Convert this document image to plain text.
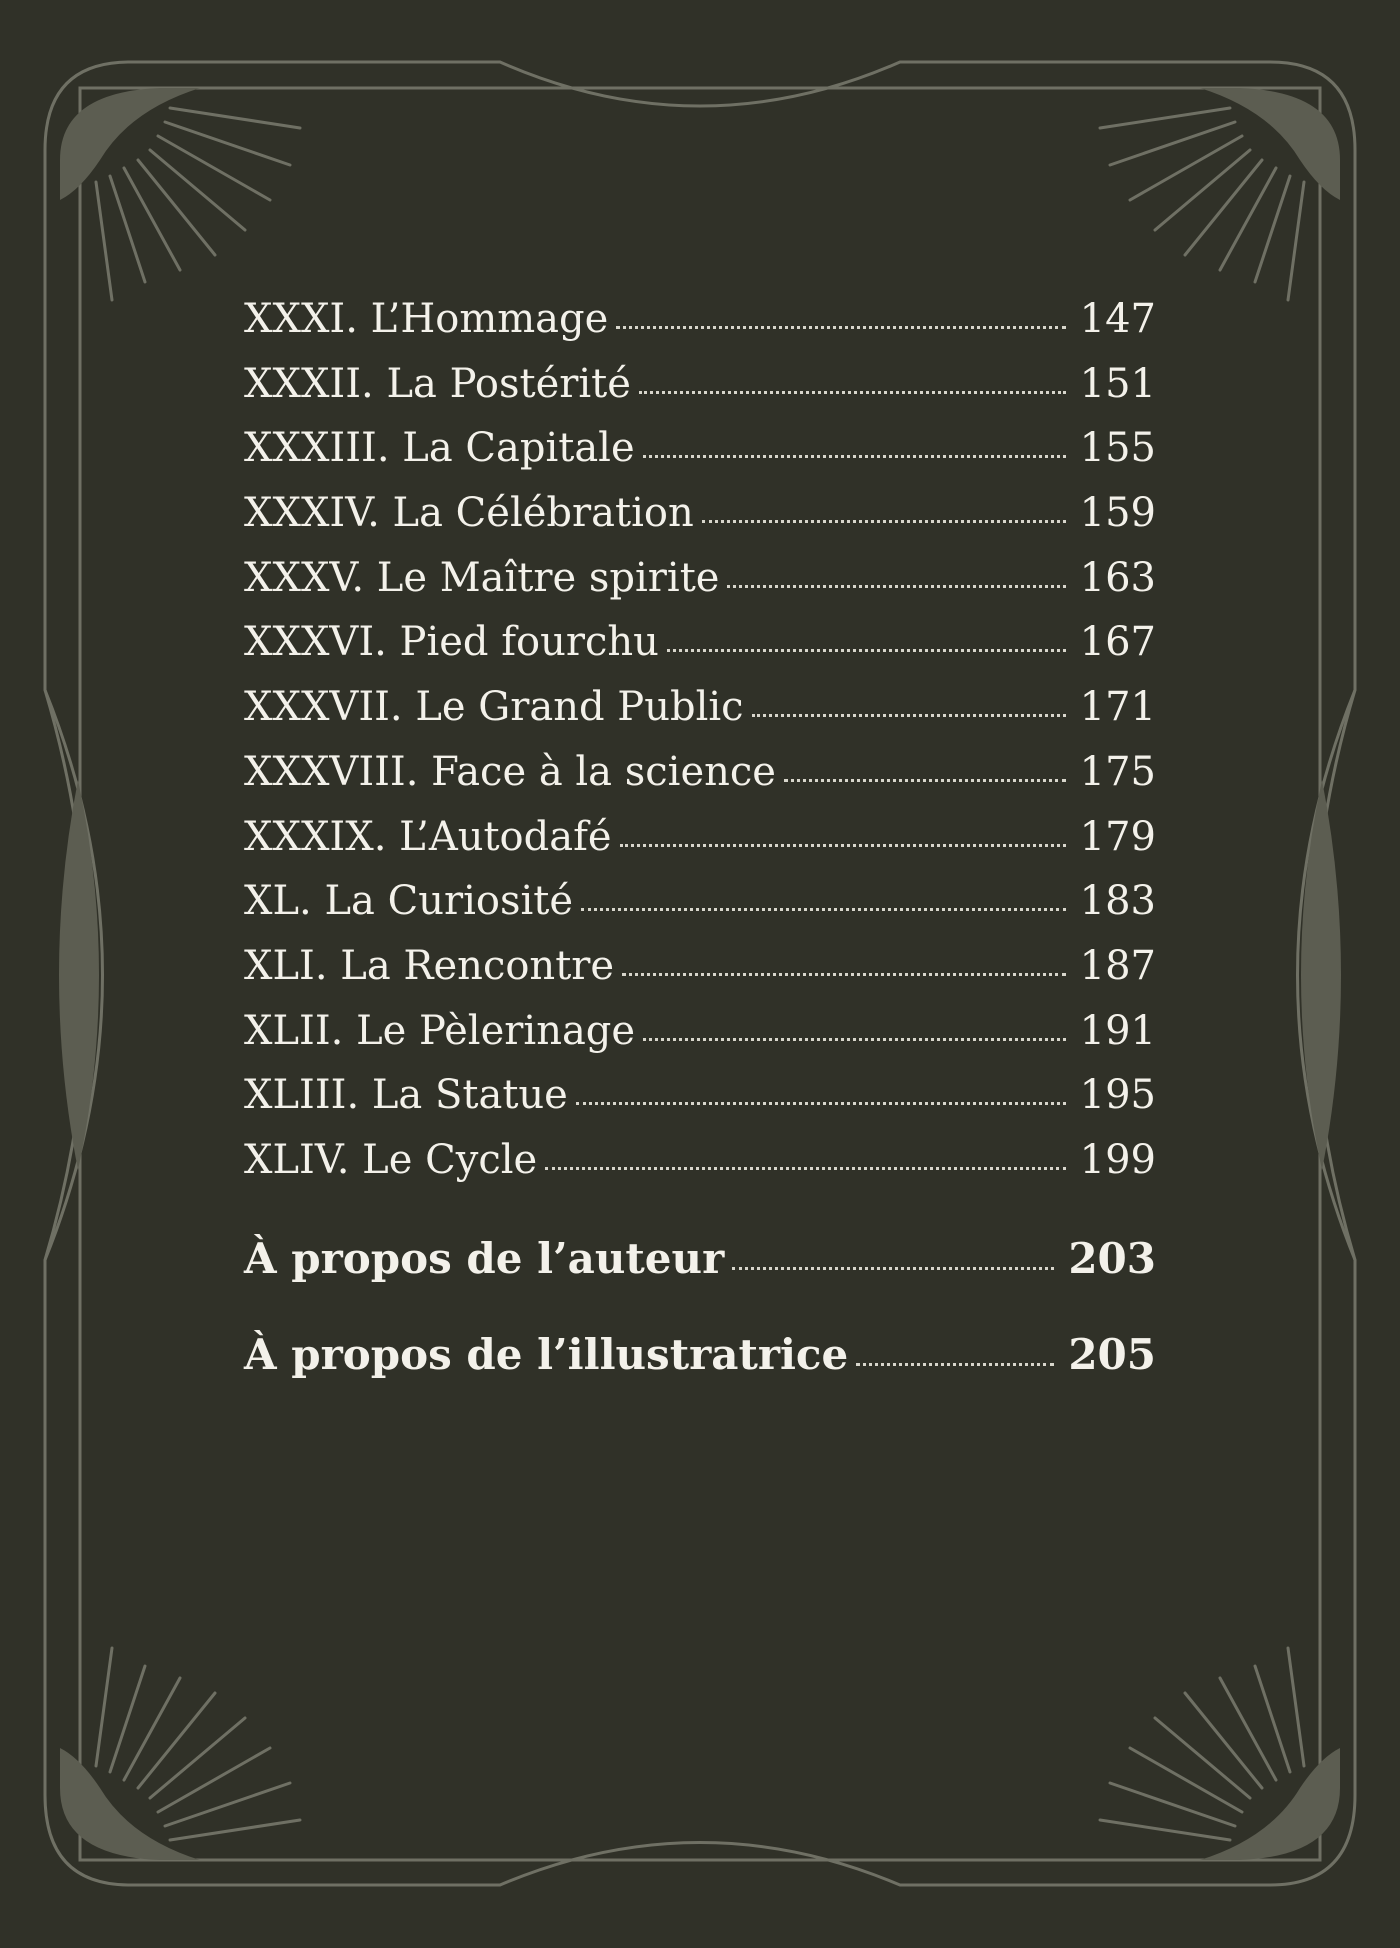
XXXI. L’Hommage	147
XXXII. La Postérité	151
XXXIII. La Capitale	155
XXXIV. La Célébration	159
XXXV. Le Maître spirite	163
XXXVI. Pied fourchu	167
XXXVII. Le Grand Public	171
XXXVIII. Face à la science	175
XXXIX. L’Autodafé	179
XL. La Curiosité	183
XLI. La Rencontre	187
XLII. Le Pèlerinage	191
XLIII. La Statue	195
XLIV. Le Cycle	199
À propos de l’auteur	203
À propos de l’illustratrice	205
